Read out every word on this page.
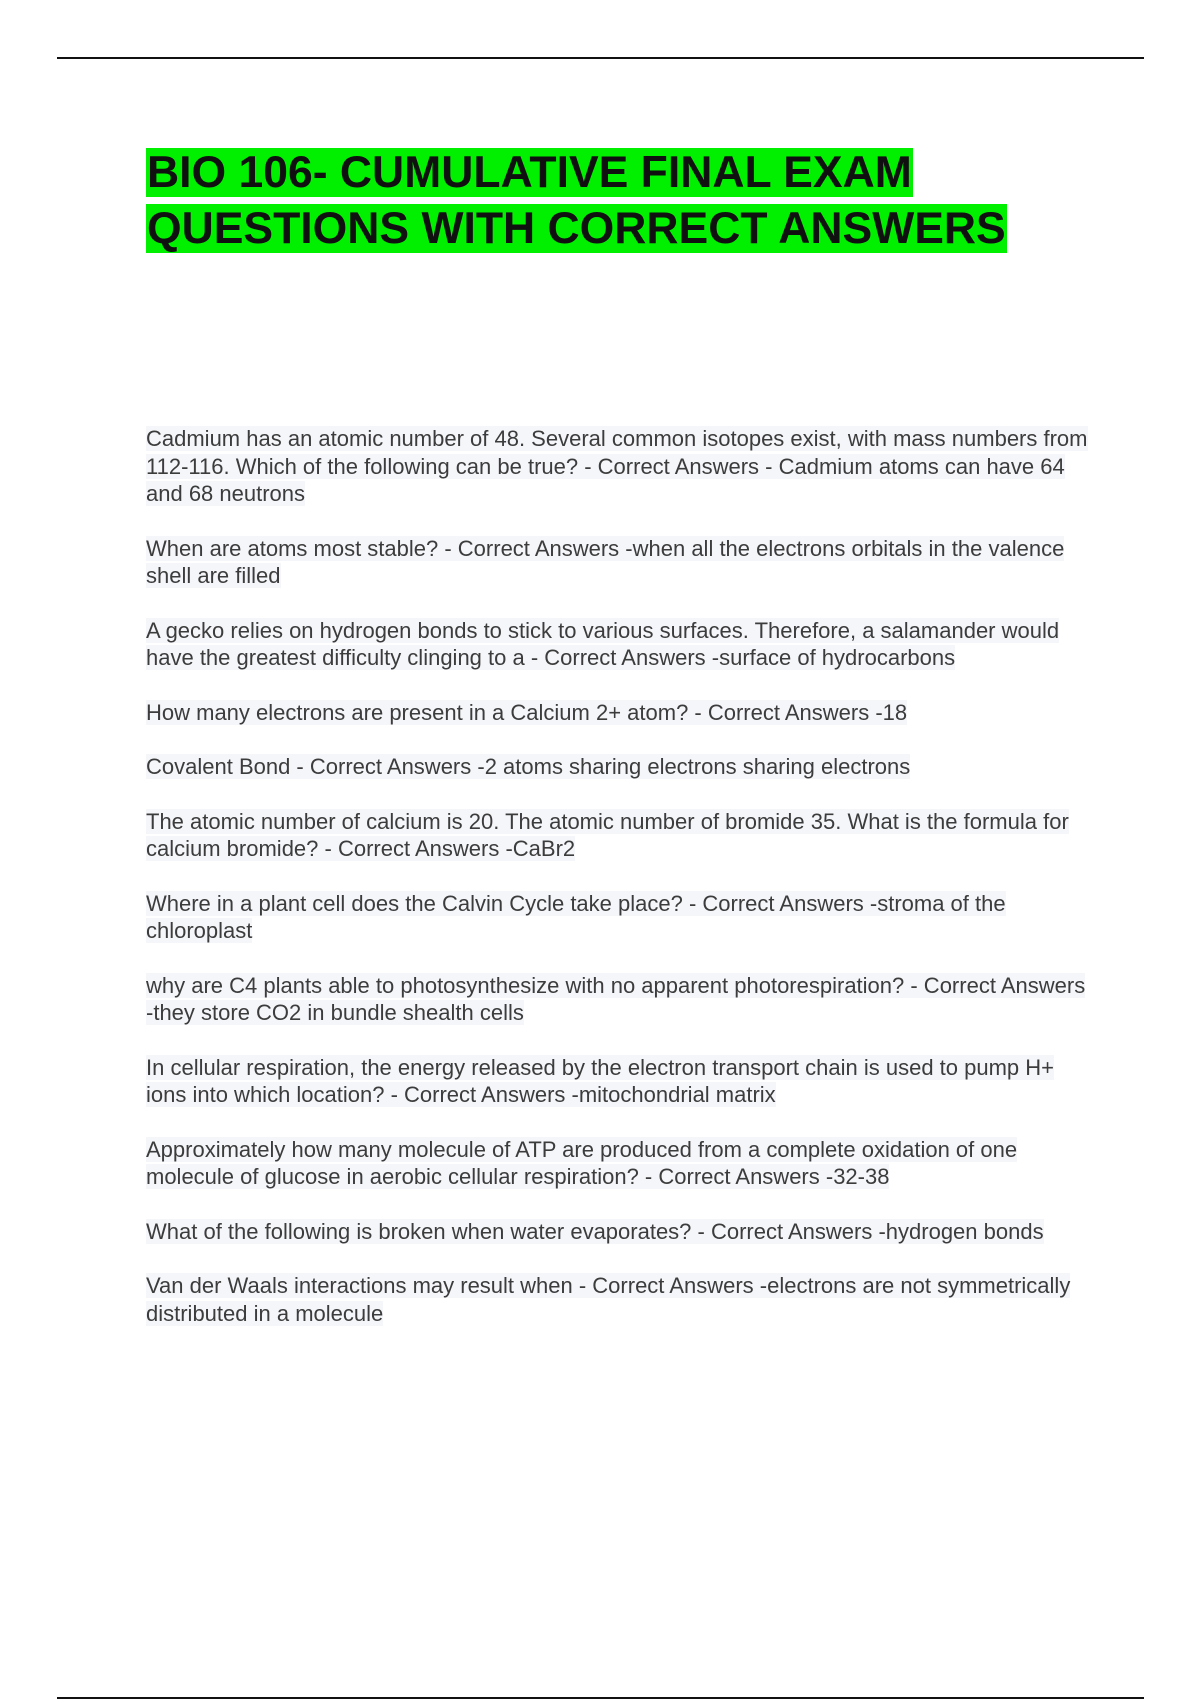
BIO 106- CUMULATIVE FINAL EXAM
QUESTIONS WITH CORRECT ANSWERS
Cadmium has an atomic number of 48. Several common isotopes exist, with mass numbers from 112-116. Which of the following can be true? - Correct Answers - Cadmium atoms can have 64 and 68 neutrons
When are atoms most stable? - Correct Answers -when all the electrons orbitals in the valence shell are filled
A gecko relies on hydrogen bonds to stick to various surfaces. Therefore, a salamander would have the greatest difficulty clinging to a - Correct Answers -surface of hydrocarbons
How many electrons are present in a Calcium 2+ atom? - Correct Answers -18
Covalent Bond - Correct Answers -2 atoms sharing electrons sharing electrons
The atomic number of calcium is 20. The atomic number of bromide 35. What is the formula for calcium bromide? - Correct Answers -CaBr2
Where in a plant cell does the Calvin Cycle take place? - Correct Answers -stroma of the chloroplast
why are C4 plants able to photosynthesize with no apparent photorespiration? - Correct Answers -they store CO2 in bundle shealth cells
In cellular respiration, the energy released by the electron transport chain is used to pump H+ ions into which location? - Correct Answers -mitochondrial matrix
Approximately how many molecule of ATP are produced from a complete oxidation of one molecule of glucose in aerobic cellular respiration? - Correct Answers -32-38
What of the following is broken when water evaporates? - Correct Answers -hydrogen bonds
Van der Waals interactions may result when - Correct Answers -electrons are not symmetrically distributed in a molecule
